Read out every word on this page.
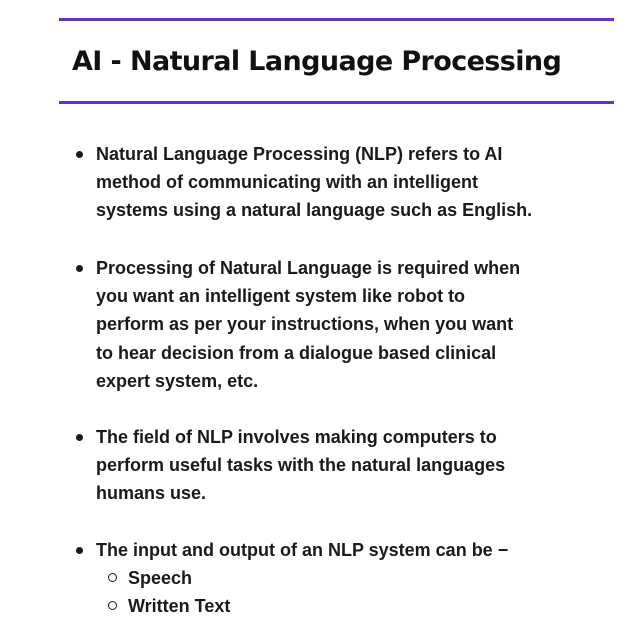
AI - Natural Language Processing
Natural Language Processing (NLP) refers to AI
method of communicating with an intelligent
systems using a natural language such as English.
Processing of Natural Language is required when
you want an intelligent system like robot to
perform as per your instructions, when you want
to hear decision from a dialogue based clinical
expert system, etc.
The field of NLP involves making computers to
perform useful tasks with the natural languages
humans use.
The input and output of an NLP system can be −
Speech
Written Text
